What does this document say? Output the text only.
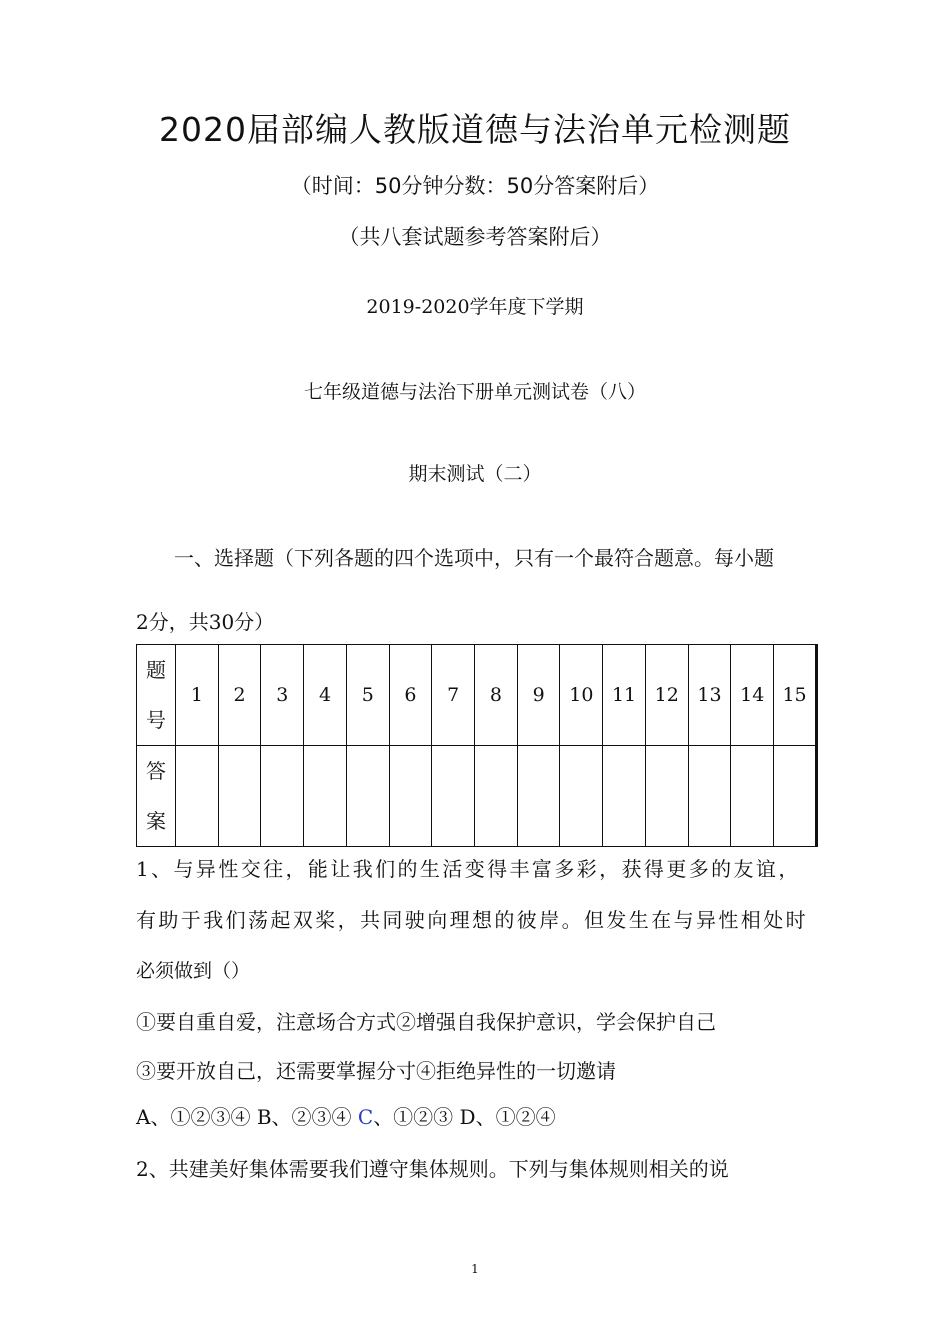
2020届部编人教版道德与法治单元检测题
（时间：50分钟分数：50分答案附后）
（共八套试题参考答案附后）
2019-2020学年度下学期
七年级道德与法治下册单元测试卷（八）
期末测试（二）
一、选择题（下列各题的四个选项中，只有一个最符合题意。每小题
2分，共30分）
题
号	1	2	3	4	5	6	7	8	9	10	11	12	13	14	15

答
案															

1、与异性交往，能让我们的生活变得丰富多彩，获得更多的友谊，
有助于我们荡起双桨，共同驶向理想的彼岸。但发生在与异性相处时
必须做到（）
①要自重自爱，注意场合方式②增强自我保护意识，学会保护自己
③要开放自己，还需要掌握分寸④拒绝异性的一切邀请
A、①②③④ B、②③④ C、①②③ D、①②④
2、共建美好集体需要我们遵守集体规则。下列与集体规则相关的说
1
